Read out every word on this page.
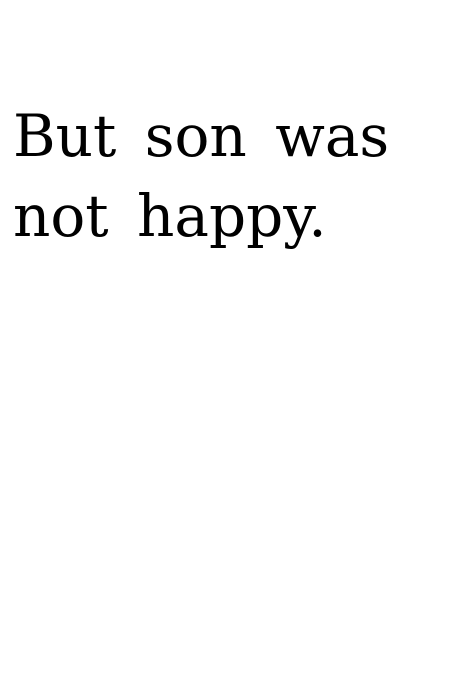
But son was not happy.
